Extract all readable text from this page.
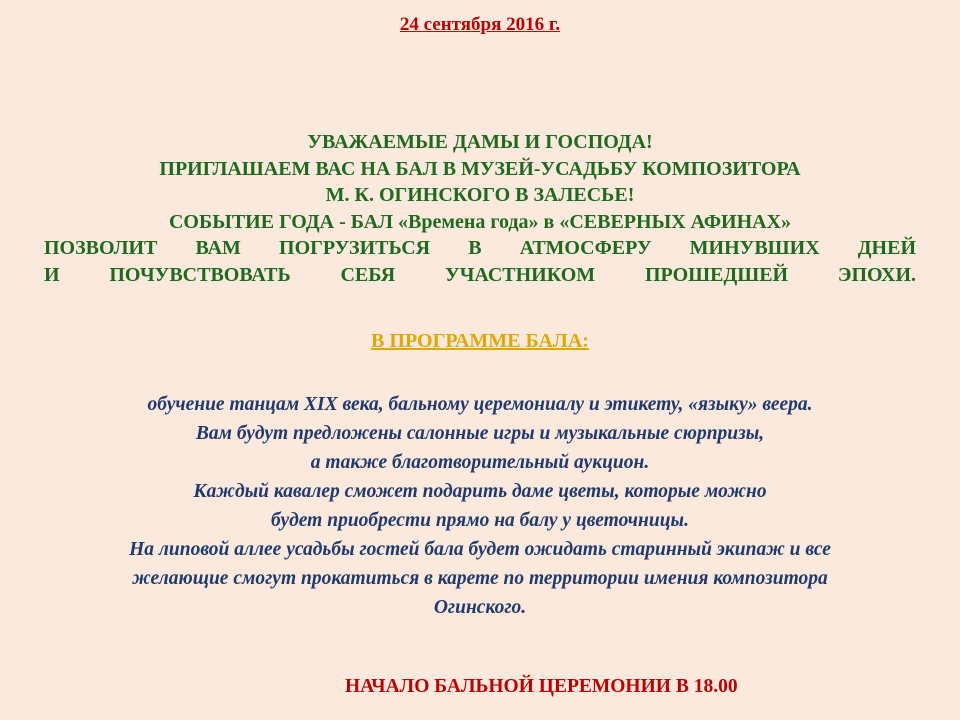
24 сентября 2016 г.
УВАЖАЕМЫЕ ДАМЫ И ГОСПОДА!
ПРИГЛАШАЕМ ВАС НА БАЛ В МУЗЕЙ-УСАДЬБУ КОМПОЗИТОРА
М. К. ОГИНСКОГО В ЗАЛЕСЬЕ!
СОБЫТИЕ ГОДА - БАЛ «Времена года» в «СЕВЕРНЫХ АФИНАХ»
ПОЗВОЛИТ ВАМ ПОГРУЗИТЬСЯ В АТМОСФЕРУ МИНУВШИХ ДНЕЙ
И ПОЧУВСТВОВАТЬ СЕБЯ УЧАСТНИКОМ ПРОШЕДШЕЙ ЭПОХИ.
В ПРОГРАММЕ БАЛА:
обучение танцам XIX века, бальному церемониалу и этикету, «языку» веера.
Вам будут предложены салонные игры и музыкальные сюрпризы,
а также благотворительный аукцион.
Каждый кавалер сможет подарить даме цветы, которые можно
будет приобрести прямо на балу у цветочницы.
На липовой аллее усадьбы гостей бала будет ожидать старинный экипаж и все
желающие смогут прокатиться в карете по территории имения композитора
Огинского.
НАЧАЛО БАЛЬНОЙ ЦЕРЕМОНИИ В 18.00
